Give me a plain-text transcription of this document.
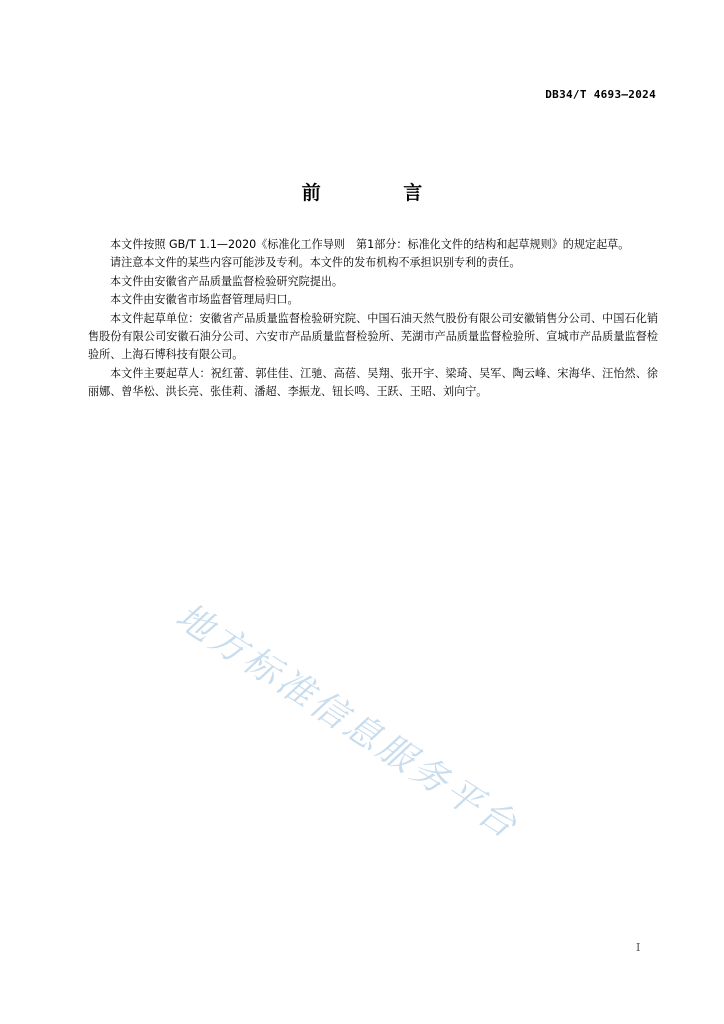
DB34/T 4693—2024
前 言

本文件按照 GB/T 1.1—2020《标准化工作导则　第1部分：标准化文件的结构和起草规则》的规定起草。

请注意本文件的某些内容可能涉及专利。本文件的发布机构不承担识别专利的责任。

本文件由安徽省产品质量监督检验研究院提出。

本文件由安徽省市场监督管理局归口。

本文件起草单位：安徽省产品质量监督检验研究院、中国石油天然气股份有限公司安徽销售分公司、中国石化销售股份有限公司安徽石油分公司、六安市产品质量监督检验所、芜湖市产品质量监督检验所、宣城市产品质量监督检验所、上海石博科技有限公司。

本文件主要起草人：祝红蕾、郭佳佳、江驰、高蓓、吴翔、张开宇、梁琦、吴军、陶云峰、宋海华、汪怡然、徐丽娜、曾华松、洪长亮、张佳莉、潘超、李振龙、钮长鸣、王跃、王昭、刘向宁。

地方标准信息服务平台
I
